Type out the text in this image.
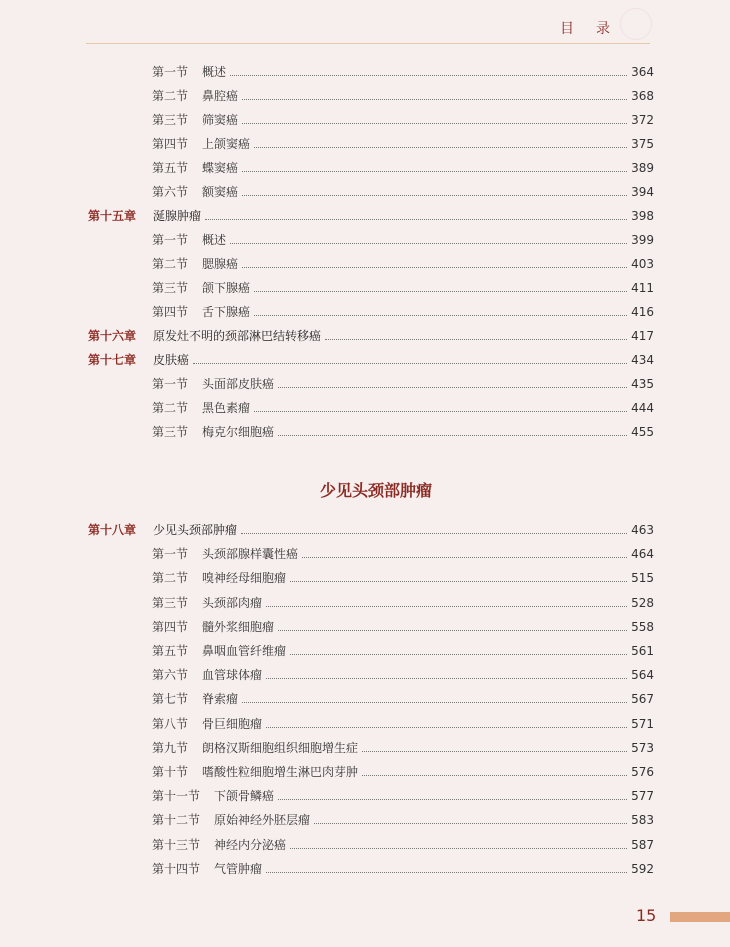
目录
第一节 概述	364
第二节 鼻腔癌	368
第三节 筛窦癌	372
第四节 上颌窦癌	375
第五节 蝶窦癌	389
第六节 额窦癌	394
第十五章 涎腺肿瘤	398
第一节 概述	399
第二节 腮腺癌	403
第三节 颌下腺癌	411
第四节 舌下腺癌	416
第十六章 原发灶不明的颈部淋巴结转移癌	417
第十七章 皮肤癌	434
第一节 头面部皮肤癌	435
第二节 黑色素瘤	444
第三节 梅克尔细胞癌	455
少见头颈部肿瘤
第十八章 少见头颈部肿瘤	463
第一节 头颈部腺样囊性癌	464
第二节 嗅神经母细胞瘤	515
第三节 头颈部肉瘤	528
第四节 髓外浆细胞瘤	558
第五节 鼻咽血管纤维瘤	561
第六节 血管球体瘤	564
第七节 脊索瘤	567
第八节 骨巨细胞瘤	571
第九节 朗格汉斯细胞组织细胞增生症	573
第十节 嗜酸性粒细胞增生淋巴肉芽肿	576
第十一节 下颌骨鳞癌	577
第十二节 原始神经外胚层瘤	583
第十三节 神经内分泌癌	587
第十四节 气管肿瘤	592
15
